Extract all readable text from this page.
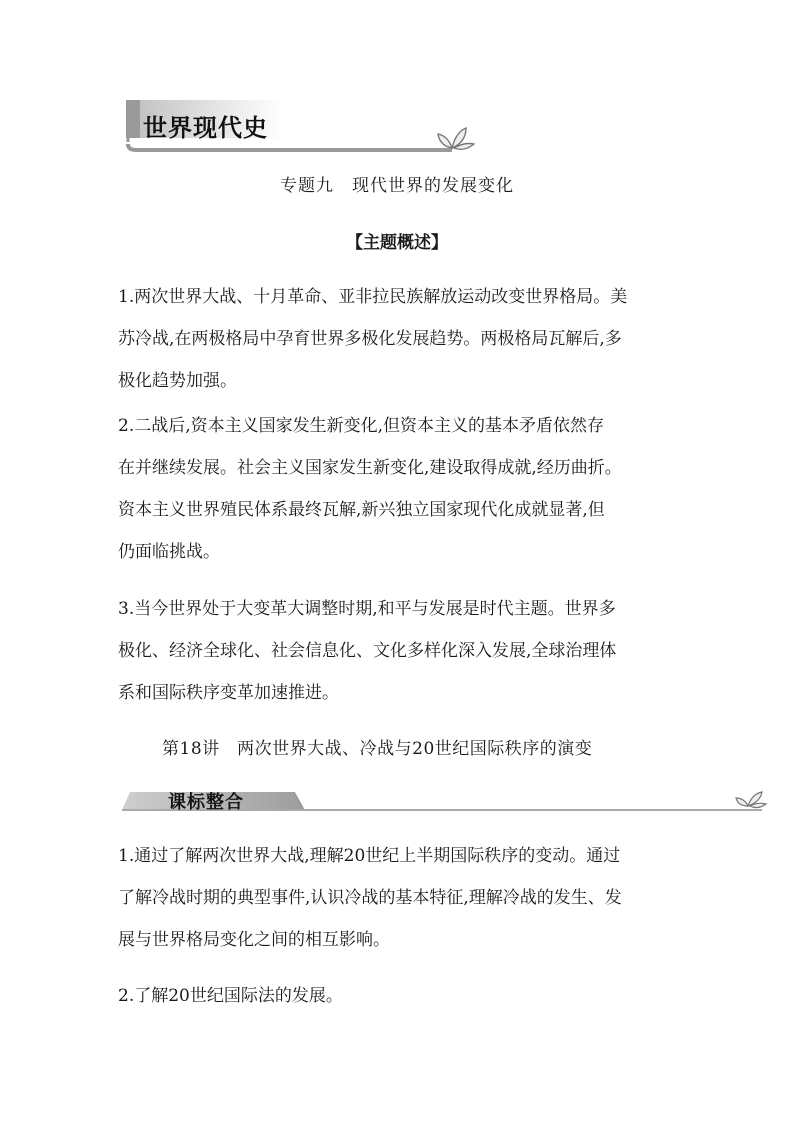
世界现代史
专题九　现代世界的发展变化
【主题概述】
1.两次世界大战、十月革命、亚非拉民族解放运动改变世界格局。美
苏冷战,在两极格局中孕育世界多极化发展趋势。两极格局瓦解后,多
极化趋势加强。
2.二战后,资本主义国家发生新变化,但资本主义的基本矛盾依然存
在并继续发展。社会主义国家发生新变化,建设取得成就,经历曲折。
资本主义世界殖民体系最终瓦解,新兴独立国家现代化成就显著,但
仍面临挑战。
3.当今世界处于大变革大调整时期,和平与发展是时代主题。世界多
极化、经济全球化、社会信息化、文化多样化深入发展,全球治理体
系和国际秩序变革加速推进。
第18讲　两次世界大战、冷战与20世纪国际秩序的演变
课标整合
1.通过了解两次世界大战,理解20世纪上半期国际秩序的变动。通过
了解冷战时期的典型事件,认识冷战的基本特征,理解冷战的发生、发
展与世界格局变化之间的相互影响。
2.了解20世纪国际法的发展。
